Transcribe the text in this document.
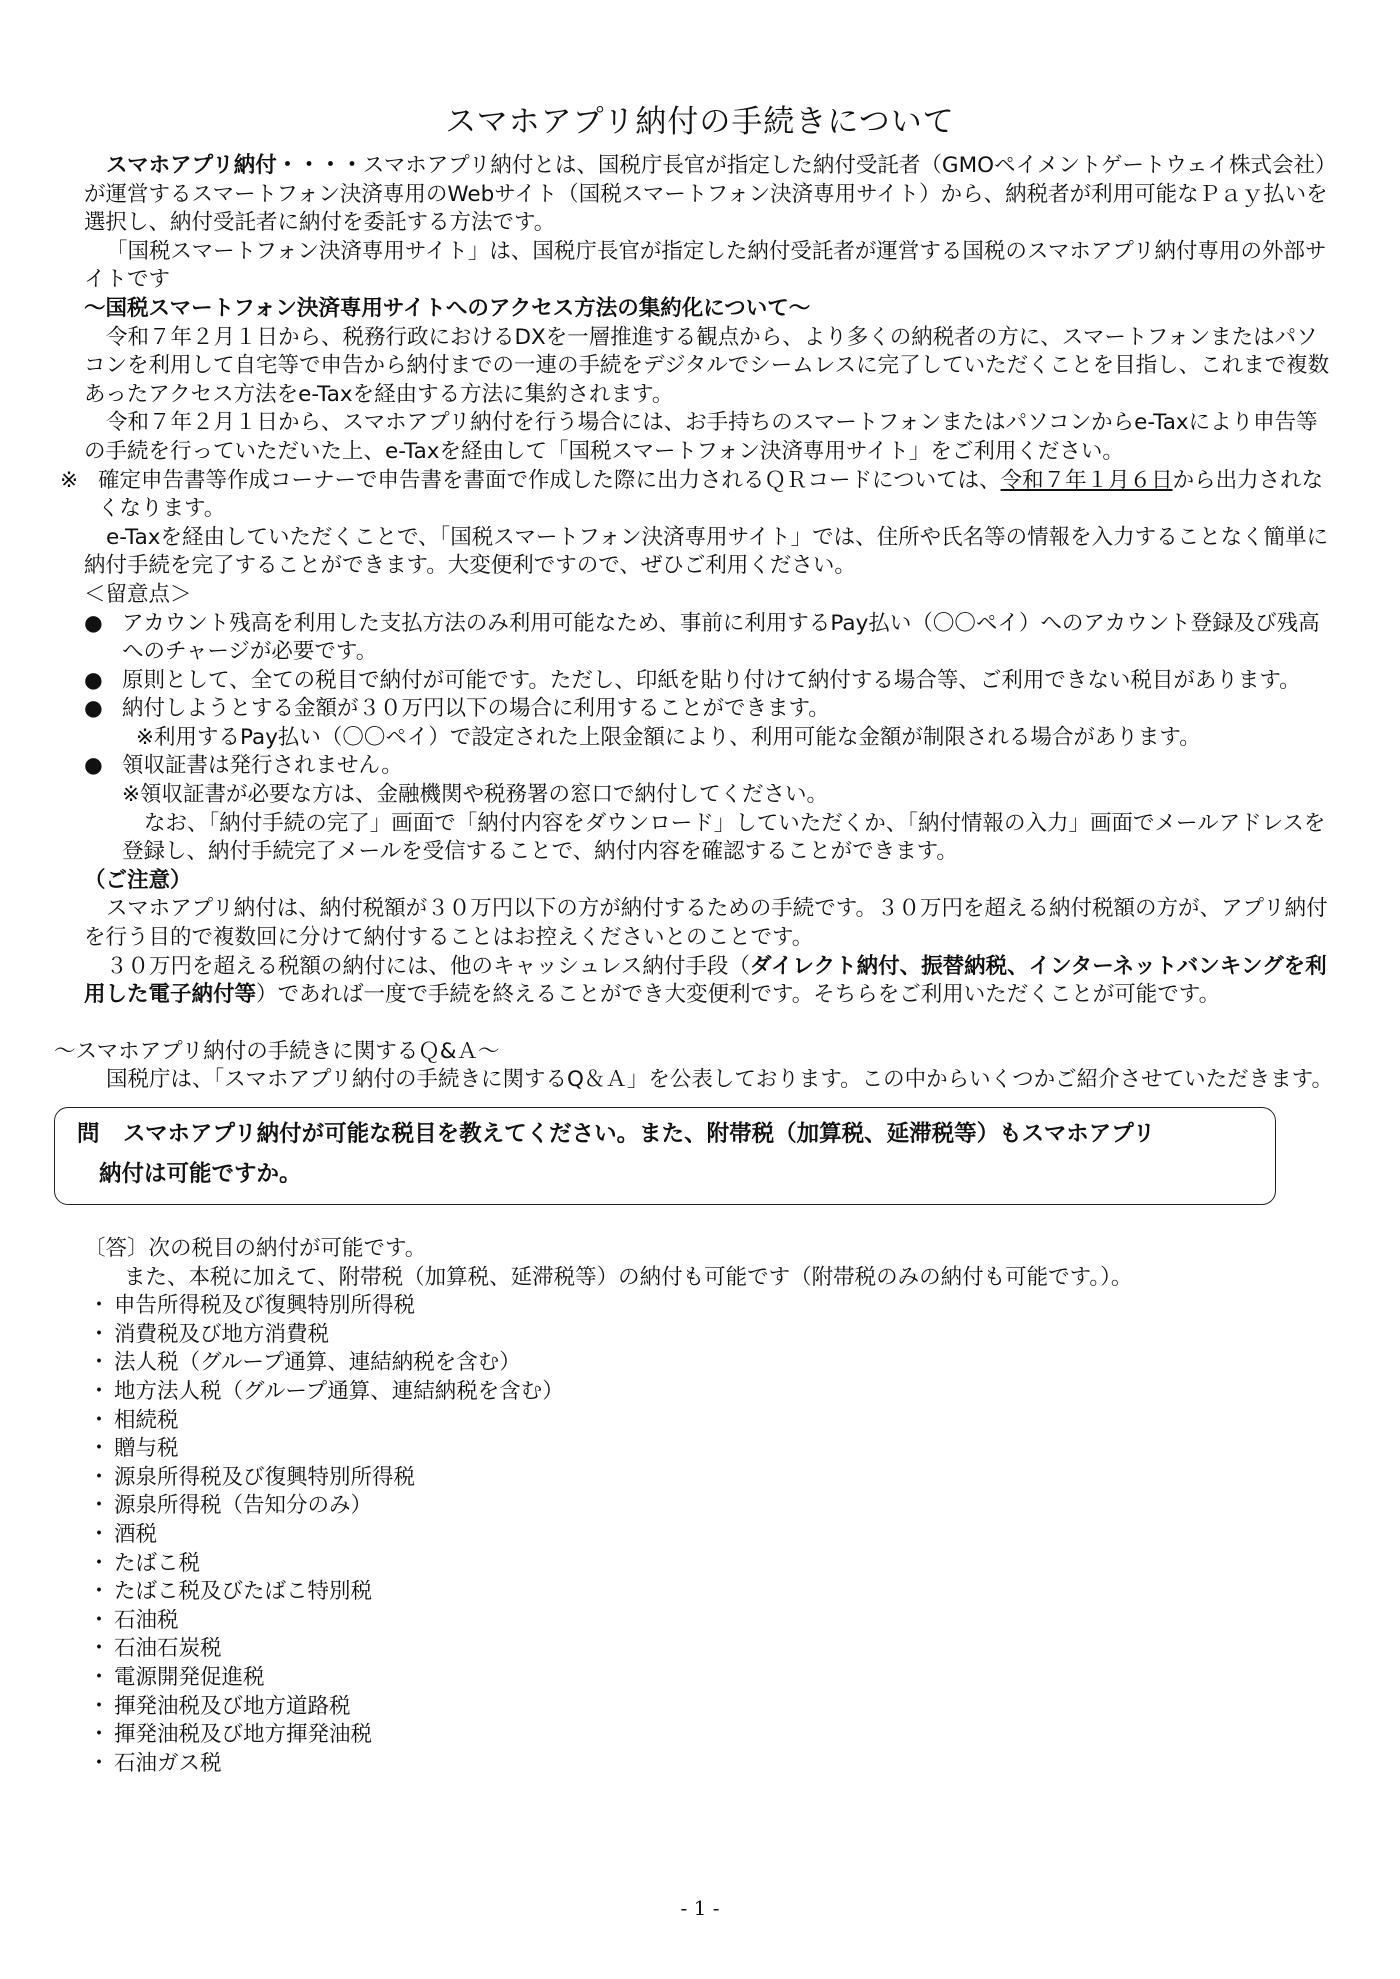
スマホアプリ納付の手続きについて

スマホアプリ納付・・・・スマホアプリ納付とは、国税庁長官が指定した納付受託者（GMOペイメントゲートウェイ株式会社）が運営するスマートフォン決済専用のWebサイト（国税スマートフォン決済専用サイト）から、納税者が利用可能なＰａｙ払いを選択し、納付受託者に納付を委託する方法です。

「国税スマートフォン決済専用サイト」は、国税庁長官が指定した納付受託者が運営する国税のスマホアプリ納付専用の外部サイトです

～国税スマートフォン決済専用サイトへのアクセス方法の集約化について～

令和７年２月１日から、税務行政におけるDXを一層推進する観点から、より多くの納税者の方に、スマートフォンまたはパソコンを利用して自宅等で申告から納付までの一連の手続をデジタルでシームレスに完了していただくことを目指し、これまで複数あったアクセス方法をe-Taxを経由する方法に集約されます。

令和７年２月１日から、スマホアプリ納付を行う場合には、お手持ちのスマートフォンまたはパソコンからe-Taxにより申告等の手続を行っていただいた上、e-Taxを経由して「国税スマートフォン決済専用サイト」をご利用ください。

※ 確定申告書等作成コーナーで申告書を書面で作成した際に出力されるＱＲコードについては、令和７年１月６日から出力されなくなります。

e-Taxを経由していただくことで、「国税スマートフォン決済専用サイト」では、住所や氏名等の情報を入力することなく簡単に納付手続を完了することができます。大変便利ですので、ぜひご利用ください。

＜留意点＞

● アカウント残高を利用した支払方法のみ利用可能なため、事前に利用するPay払い（〇〇ペイ）へのアカウント登録及び残高へのチャージが必要です。

● 原則として、全ての税目で納付が可能です。ただし、印紙を貼り付けて納付する場合等、ご利用できない税目があります。

● 納付しようとする金額が３０万円以下の場合に利用することができます。

※利用するPay払い（〇〇ペイ）で設定された上限金額により、利用可能な金額が制限される場合があります。

● 領収証書は発行されません。

※領収証書が必要な方は、金融機関や税務署の窓口で納付してください。

なお、「納付手続の完了」画面で「納付内容をダウンロード」していただくか、「納付情報の入力」画面でメールアドレスを登録し、納付手続完了メールを受信することで、納付内容を確認することができます。

（ご注意）

スマホアプリ納付は、納付税額が３０万円以下の方が納付するための手続です。３０万円を超える納付税額の方が、アプリ納付を行う目的で複数回に分けて納付することはお控えくださいとのことです。

３０万円を超える税額の納付には、他のキャッシュレス納付手段（ダイレクト納付、振替納税、インターネットバンキングを利用した電子納付等）であれば一度で手続を終えることができ大変便利です。そちらをご利用いただくことが可能です。

～スマホアプリ納付の手続きに関するＱ&Ａ～

国税庁は、「スマホアプリ納付の手続きに関するQ＆Ａ」を公表しております。この中からいくつかご紹介させていただきます。

問 スマホアプリ納付が可能な税目を教えてください。また、附帯税（加算税、延滞税等）もスマホアプリ
納付は可能ですか。

〔答〕次の税目の納付が可能です。

また、本税に加えて、附帯税（加算税、延滞税等）の納付も可能です（附帯税のみの納付も可能です。）。

・ 申告所得税及び復興特別所得税
・ 消費税及び地方消費税
・ 法人税（グループ通算、連結納税を含む）
・ 地方法人税（グループ通算、連結納税を含む）
・ 相続税
・ 贈与税
・ 源泉所得税及び復興特別所得税
・ 源泉所得税（告知分のみ）
・ 酒税
・ たばこ税
・ たばこ税及びたばこ特別税
・ 石油税
・ 石油石炭税
・ 電源開発促進税
・ 揮発油税及び地方道路税
・ 揮発油税及び地方揮発油税
・ 石油ガス税
- 1 -
